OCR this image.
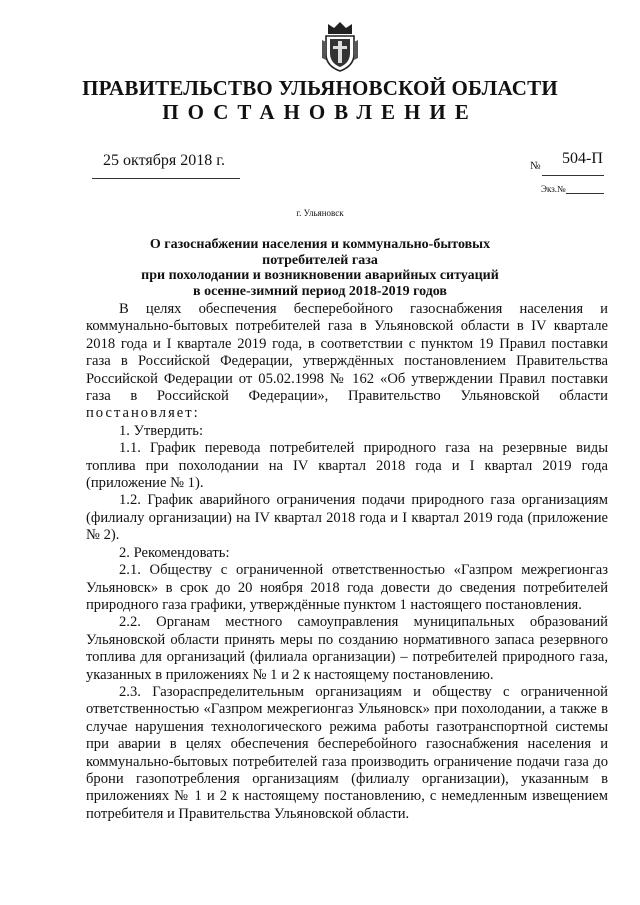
ПРАВИТЕЛЬСТВО УЛЬЯНОВСКОЙ ОБЛАСТИ
ПОСТАНОВЛЕНИЕ
25 октября 2018 г.	№ 504-П
Экз.№
г. Ульяновск
О газоснабжении населения и коммунально-бытовых потребителей газа
при похолодании и возникновении аварийных ситуаций
в осенне-зимний период 2018-2019 годов

В целях обеспечения бесперебойного газоснабжения населения и коммунально-бытовых потребителей газа в Ульяновской области в IV квартале 2018 года и I квартале 2019 года, в соответствии с пунктом 19 Правил поставки газа в Российской Федерации, утверждённых постановлением Правительства Российской Федерации от 05.02.1998 № 162 «Об утверждении Правил поставки газа в Российской Федерации», Правительство Ульяновской области постановляет:

1. Утвердить:

1.1. График перевода потребителей природного газа на резервные виды топлива при похолодании на IV квартал 2018 года и I квартал 2019 года (приложение № 1).

1.2. График аварийного ограничения подачи природного газа организациям (филиалу организации) на IV квартал 2018 года и I квартал 2019 года (приложение № 2).

2. Рекомендовать:

2.1. Обществу с ограниченной ответственностью «Газпром межрегионгаз Ульяновск» в срок до 20 ноября 2018 года довести до сведения потребителей природного газа графики, утверждённые пунктом 1 настоящего постановления.

2.2. Органам местного самоуправления муниципальных образований Ульяновской области принять меры по созданию нормативного запаса резервного топлива для организаций (филиала организации) – потребителей природного газа, указанных в приложениях № 1 и 2 к настоящему постановлению.

2.3. Газораспределительным организациям и обществу с ограниченной ответственностью «Газпром межрегионгаз Ульяновск» при похолодании, а также в случае нарушения технологического режима работы газотранспортной системы при аварии в целях обеспечения бесперебойного газоснабжения населения и коммунально-бытовых потребителей газа производить ограничение подачи газа до брони газопотребления организациям (филиалу организации), указанным в приложениях № 1 и 2 к настоящему постановлению, с немедленным извещением потребителя и Правительства Ульяновской области.
